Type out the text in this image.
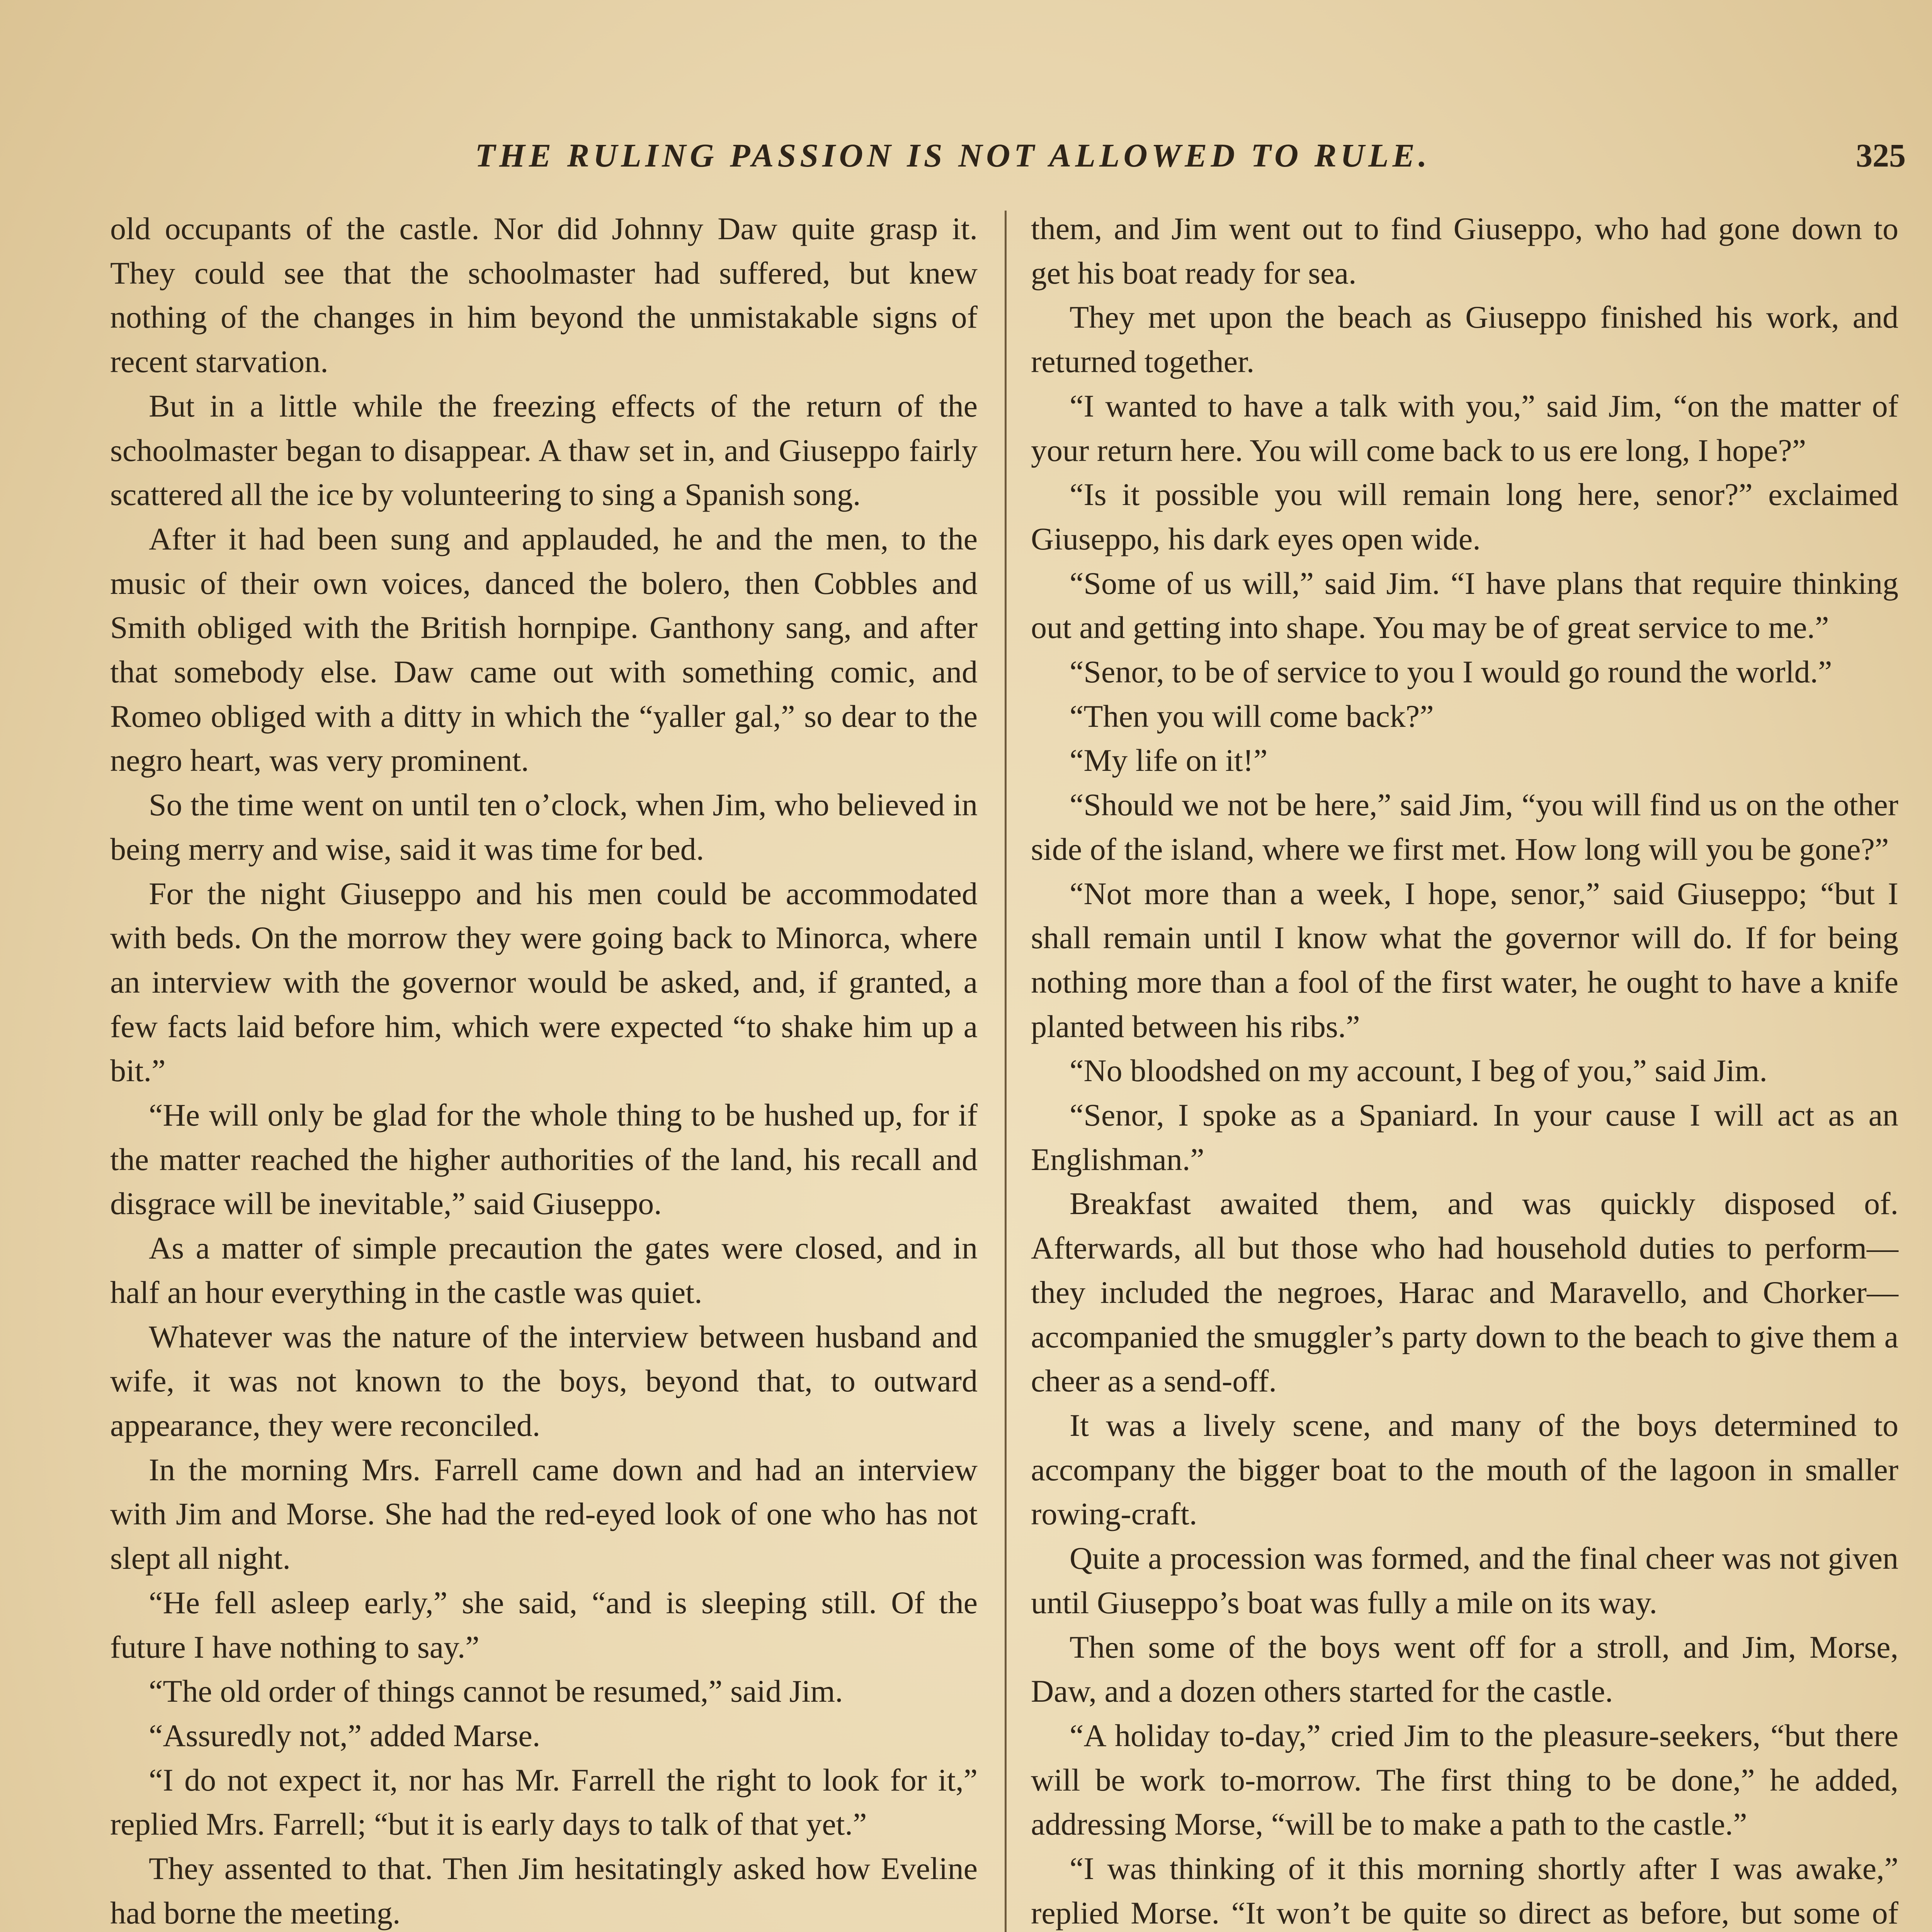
THE RULING PASSION IS NOT ALLOWED TO RULE.	325

old occupants of the castle. Nor did Johnny Daw quite grasp it. They could see that the schoolmaster had suffered, but knew nothing of the changes in him beyond the unmistakable signs of recent starvation.

But in a little while the freezing effects of the return of the schoolmaster began to disappear. A thaw set in, and Giuseppo fairly scattered all the ice by volunteering to sing a Spanish song.

After it had been sung and applauded, he and the men, to the music of their own voices, danced the bolero, then Cobbles and Smith obliged with the British hornpipe. Ganthony sang, and after that somebody else. Daw came out with something comic, and Romeo obliged with a ditty in which the “yaller gal,” so dear to the negro heart, was very prominent.

So the time went on until ten o’clock, when Jim, who believed in being merry and wise, said it was time for bed.

For the night Giuseppo and his men could be accommodated with beds. On the morrow they were going back to Minorca, where an interview with the governor would be asked, and, if granted, a few facts laid before him, which were expected “to shake him up a bit.”

“He will only be glad for the whole thing to be hushed up, for if the matter reached the higher authorities of the land, his recall and disgrace will be inevitable,” said Giuseppo.

As a matter of simple precaution the gates were closed, and in half an hour everything in the castle was quiet.

Whatever was the nature of the interview between husband and wife, it was not known to the boys, beyond that, to outward appearance, they were reconciled.

In the morning Mrs. Farrell came down and had an interview with Jim and Morse. She had the red-eyed look of one who has not slept all night.

“He fell asleep early,” she said, “and is sleeping still. Of the future I have nothing to say.”

“The old order of things cannot be resumed,” said Jim.

“Assuredly not,” added Marse.

“I do not expect it, nor has Mr. Farrell the right to look for it,” replied Mrs. Farrell; “but it is early days to talk of that yet.”

They assented to that. Then Jim hesitatingly asked how Eveline had borne the meeting.

them, and Jim went out to find Giuseppo, who had gone down to get his boat ready for sea.

They met upon the beach as Giuseppo finished his work, and returned together.

“I wanted to have a talk with you,” said Jim, “on the matter of your return here. You will come back to us ere long, I hope?”

“Is it possible you will remain long here, senor?” exclaimed Giuseppo, his dark eyes open wide.

“Some of us will,” said Jim. “I have plans that require thinking out and getting into shape. You may be of great service to me.”

“Senor, to be of service to you I would go round the world.”

“Then you will come back?”

“My life on it!”

“Should we not be here,” said Jim, “you will find us on the other side of the island, where we first met. How long will you be gone?”

“Not more than a week, I hope, senor,” said Giuseppo; “but I shall remain until I know what the governor will do. If for being nothing more than a fool of the first water, he ought to have a knife planted between his ribs.”

“No bloodshed on my account, I beg of you,” said Jim.

“Senor, I spoke as a Spaniard. In your cause I will act as an Englishman.”

Breakfast awaited them, and was quickly disposed of. Afterwards, all but those who had household duties to perform—they included the negroes, Harac and Maravello, and Chorker—accompanied the smuggler’s party down to the beach to give them a cheer as a send-off.

It was a lively scene, and many of the boys determined to accompany the bigger boat to the mouth of the lagoon in smaller rowing-craft.

Quite a procession was formed, and the final cheer was not given until Giuseppo’s boat was fully a mile on its way.

Then some of the boys went off for a stroll, and Jim, Morse, Daw, and a dozen others started for the castle.

“A holiday to-day,” cried Jim to the pleasure-seekers, “but there will be work to-morrow. The first thing to be done,” he added, addressing Morse, “will be to make a path to the castle.”

“I was thinking of it this morning shortly after I was awake,” replied Morse. “It won’t be quite so direct as before, but some of
